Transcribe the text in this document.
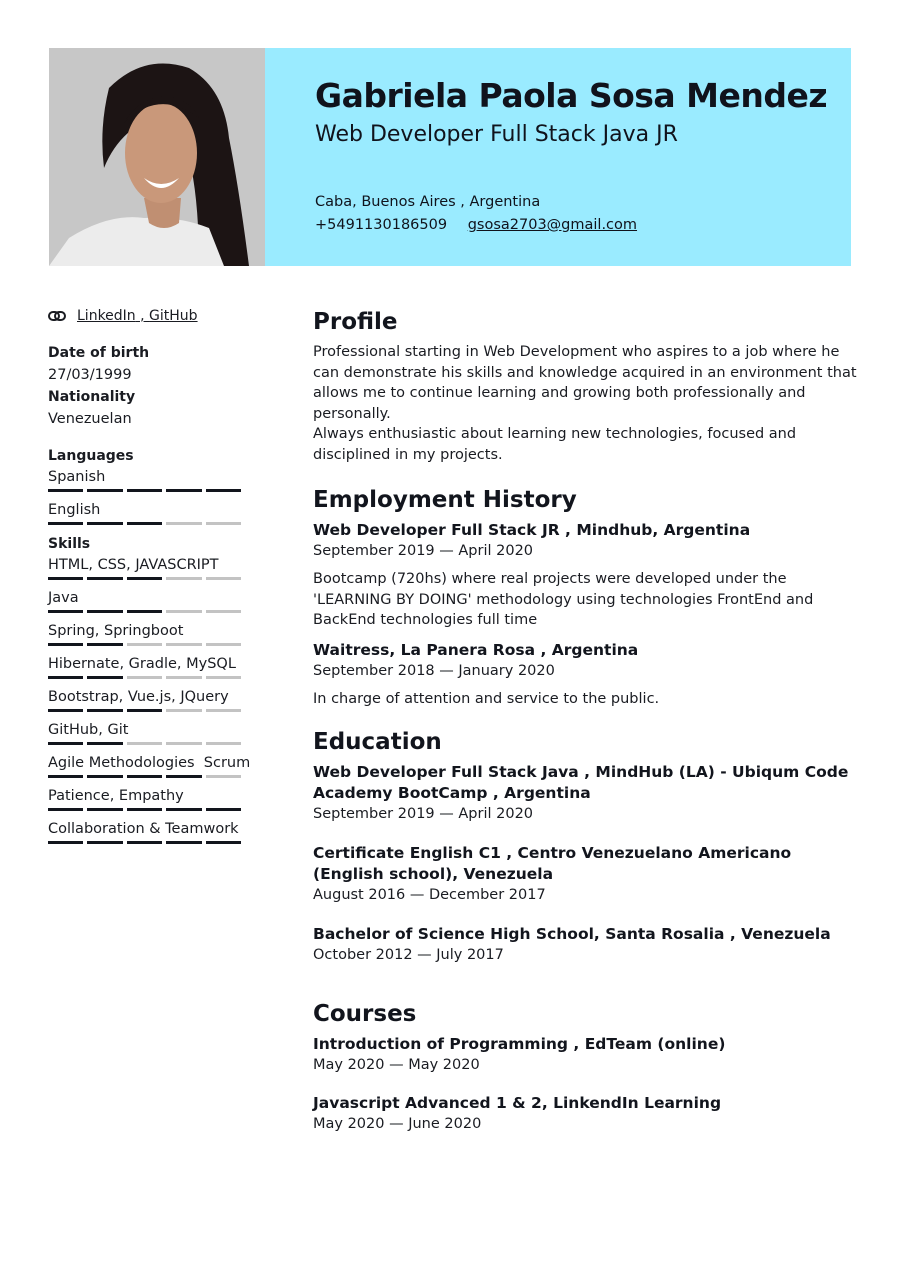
Gabriela Paola Sosa Mendez
Web Developer Full Stack Java JR
Caba, Buenos Aires , Argentina
+5491130186509 gsosa2703@gmail.com
LinkedIn , GitHub
Date of birth
27/03/1999
Nationality
Venezuelan
Languages
Spanish
English
Skills
HTML, CSS, JAVASCRIPT
Java
Spring, Springboot
Hibernate, Gradle, MySQL
Bootstrap, Vue.js, JQuery
GitHub, Git
Agile Methodologies  Scrum
Patience, Empathy
Collaboration & Teamwork
Profile

Professional starting in Web Development who aspires to a job where he can demonstrate his skills and knowledge acquired in an environment that allows me to continue learning and growing both professionally and personally.

Always enthusiastic about learning new technologies, focused and disciplined in my projects.

Employment History
Web Developer Full Stack JR , Mindhub, Argentina
September 2019 — April 2020

Bootcamp (720hs) where real projects were developed under the 'LEARNING BY DOING' methodology using technologies FrontEnd and BackEnd technologies full time

Waitress, La Panera Rosa , Argentina
September 2018 — January 2020

In charge of attention and service to the public.

Education
Web Developer Full Stack Java , MindHub (LA) - Ubiqum Code Academy BootCamp , Argentina
September 2019 — April 2020
Certificate English C1 , Centro Venezuelano Americano (English school), Venezuela
August 2016 — December 2017
Bachelor of Science High School, Santa Rosalia , Venezuela
October 2012 — July 2017
Courses
Introduction of Programming , EdTeam (online)
May 2020 — May 2020
Javascript Advanced 1 & 2, LinkendIn Learning
May 2020 — June 2020
